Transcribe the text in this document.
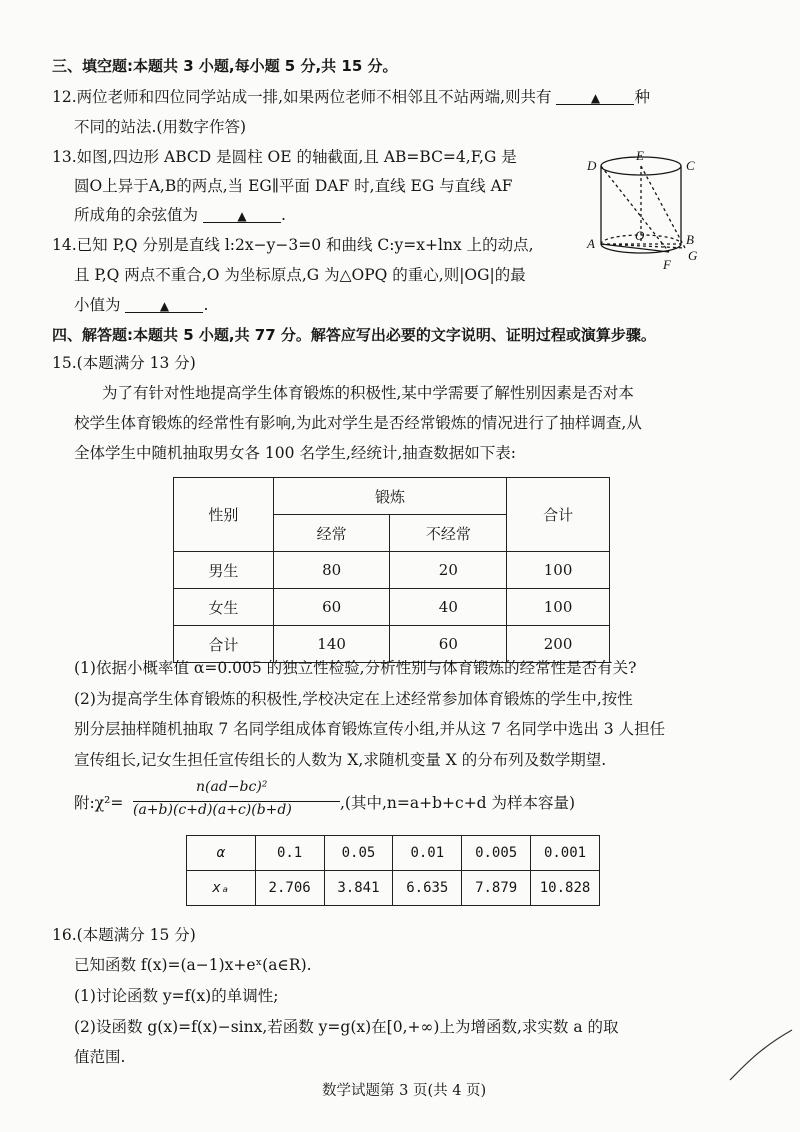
三、填空题:本题共 3 小题,每小题 5 分,共 15 分。
12.两位老师和四位同学站成一排,如果两位老师不相邻且不站两端,则共有	▲ 种
不同的站法.(用数字作答)
13.如图,四边形 ABCD 是圆柱 OE 的轴截面,且 AB=BC=4,F,G 是
圆O上异于A,B的两点,当 EG∥平面 DAF 时,直线 EG 与直线 AF
所成角的余弦值为	▲ .
14.已知 P,Q 分别是直线 l:2x−y−3=0 和曲线 C:y=x+lnx 上的动点,
且 P,Q 两点不重合,O 为坐标原点,G 为△OPQ 的重心,则|OG|的最
小值为	▲ .
D
E
C
A
O	B
G
F
四、解答题:本题共 5 小题,共 77 分。解答应写出必要的文字说明、证明过程或演算步骤。
15.(本题满分 13 分)
为了有针对性地提高学生体育锻炼的积极性,某中学需要了解性别因素是否对本
校学生体育锻炼的经常性有影响,为此对学生是否经常锻炼的情况进行了抽样调查,从
全体学生中随机抽取男女各 100 名学生,经统计,抽查数据如下表:
性别	锻炼		合计
	经常	不经常	
男生	80	20	100
女生	60	40	100
合计	140	60	200
(1)依据小概率值 α=0.005 的独立性检验,分析性别与体育锻炼的经常性是否有关?
(2)为提高学生体育锻炼的积极性,学校决定在上述经常参加体育锻炼的学生中,按性
别分层抽样随机抽取 7 名同学组成体育锻炼宣传小组,并从这 7 名同学中选出 3 人担任
宣传组长,记女生担任宣传组长的人数为 X,求随机变量 X 的分布列及数学期望.
附:χ²=
n(ad−bc)²
(a+b)(c+d)(a+c)(b+d)	,(其中,n=a+b+c+d 为样本容量)
α	0.1	0.05	0.01	0.005	0.001
xₐ	2.706	3.841	6.635	7.879	10.828
16.(本题满分 15 分)
已知函数 f(x)=(a−1)x+eˣ(a∈R).
(1)讨论函数 y=f(x)的单调性;
(2)设函数 g(x)=f(x)−sinx,若函数 y=g(x)在[0,+∞)上为增函数,求实数 a 的取
值范围.
数学试题第 3 页(共 4 页)
